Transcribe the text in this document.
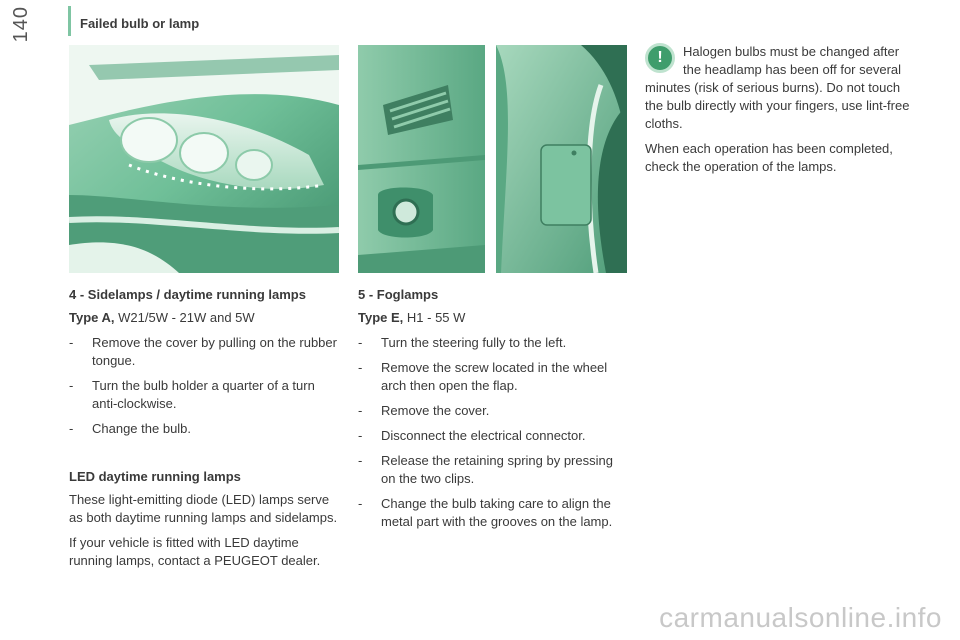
140	Failed bulb or lamp

4 - Sidelamps / daytime running lamps

Type A, W21/5W - 21W and 5W

- Remove the cover by pulling on the rubber tongue.
- Turn the bulb holder a quarter of a turn anti-clockwise.
- Change the bulb.

LED daytime running lamps

These light-emitting diode (LED) lamps serve as both daytime running lamps and sidelamps.

If your vehicle is fitted with LED daytime running lamps, contact a PEUGEOT dealer.

5 - Foglamps

Type E, H1 - 55 W

- Turn the steering fully to the left.
- Remove the screw located in the wheel arch then open the flap.
- Remove the cover.
- Disconnect the electrical connector.
- Release the retaining spring by pressing on the two clips.
- Change the bulb taking care to align the metal part with the grooves on the lamp.
!	Halogen bulbs must be changed after the headlamp has been off for several minutes (risk of serious burns). Do not touch the bulb directly with your fingers, use lint-free cloths.

When each operation has been completed, check the operation of the lamps.

carmanualsonline.info
